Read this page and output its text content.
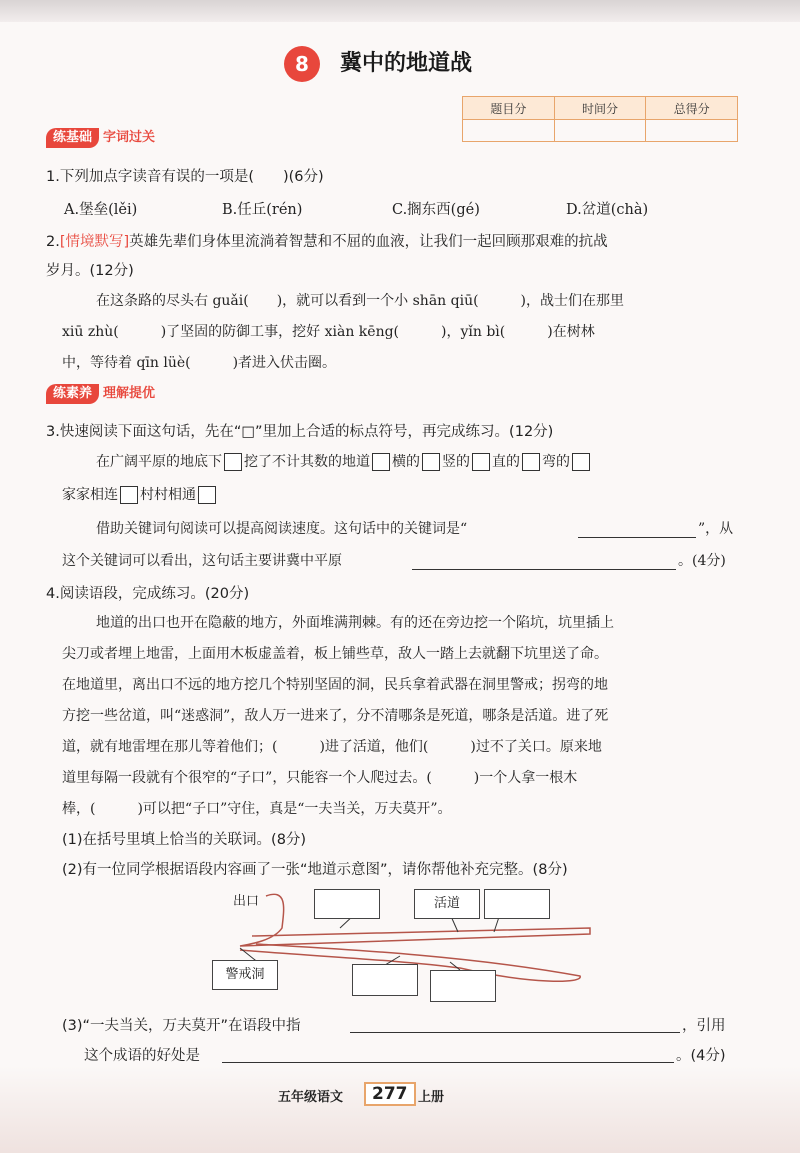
8	冀中的地道战
题目分	时间分	总得分

练基础 字词过关
1.下列加点字读音有误的一项是(　　)(6分)
A.堡垒(lěi)	B.任丘(rén)	C.搁东西(gé)	D.岔道(chà)
2.[情境默写]英雄先辈们身体里流淌着智慧和不屈的血液，让我们一起回顾那艰难的抗战
岁月。(12分)
在这条路的尽头右 guǎi(　　)，就可以看到一个小 shān qiū(　　　)，战士们在那里
xiū zhù(　　　)了坚固的防御工事，挖好 xiàn kēng(　　　)，yǐn bì(　　　)在树林
中，等待着 qīn lüè(　　　)者进入伏击圈。
练素养 理解提优
3.快速阅读下面这句话，先在“□”里加上合适的标点符号，再完成练习。(12分)
在广阔平原的地底下 挖了不计其数的地道 横的 竖的 直的 弯的
家家相连 村村相通
借助关键词句阅读可以提高阅读速度。这句话中的关键词是“	”，从
这个关键词可以看出，这句话主要讲冀中平原	。(4分)
4.阅读语段，完成练习。(20分)
地道的出口也开在隐蔽的地方，外面堆满荆棘。有的还在旁边挖一个陷坑，坑里插上
尖刀或者埋上地雷，上面用木板虚盖着，板上铺些草，敌人一踏上去就翻下坑里送了命。
在地道里，离出口不远的地方挖几个特别坚固的洞，民兵拿着武器在洞里警戒；拐弯的地
方挖一些岔道，叫“迷惑洞”，敌人万一进来了，分不清哪条是死道，哪条是活道。进了死
道，就有地雷埋在那儿等着他们；(　　　)进了活道，他们(　　　)过不了关口。原来地
道里每隔一段就有个很窄的“子口”，只能容一个人爬过去。(　　　)一个人拿一根木
棒，(　　　)可以把“子口”守住，真是“一夫当关，万夫莫开”。
(1)在括号里填上恰当的关联词。(8分)
(2)有一位同学根据语段内容画了一张“地道示意图”，请你帮他补充完整。(8分)
出口	活道
警戒洞
(3)“一夫当关，万夫莫开”在语段中指	，引用
这个成语的好处是	。(4分)
五年级语文	277 上册
